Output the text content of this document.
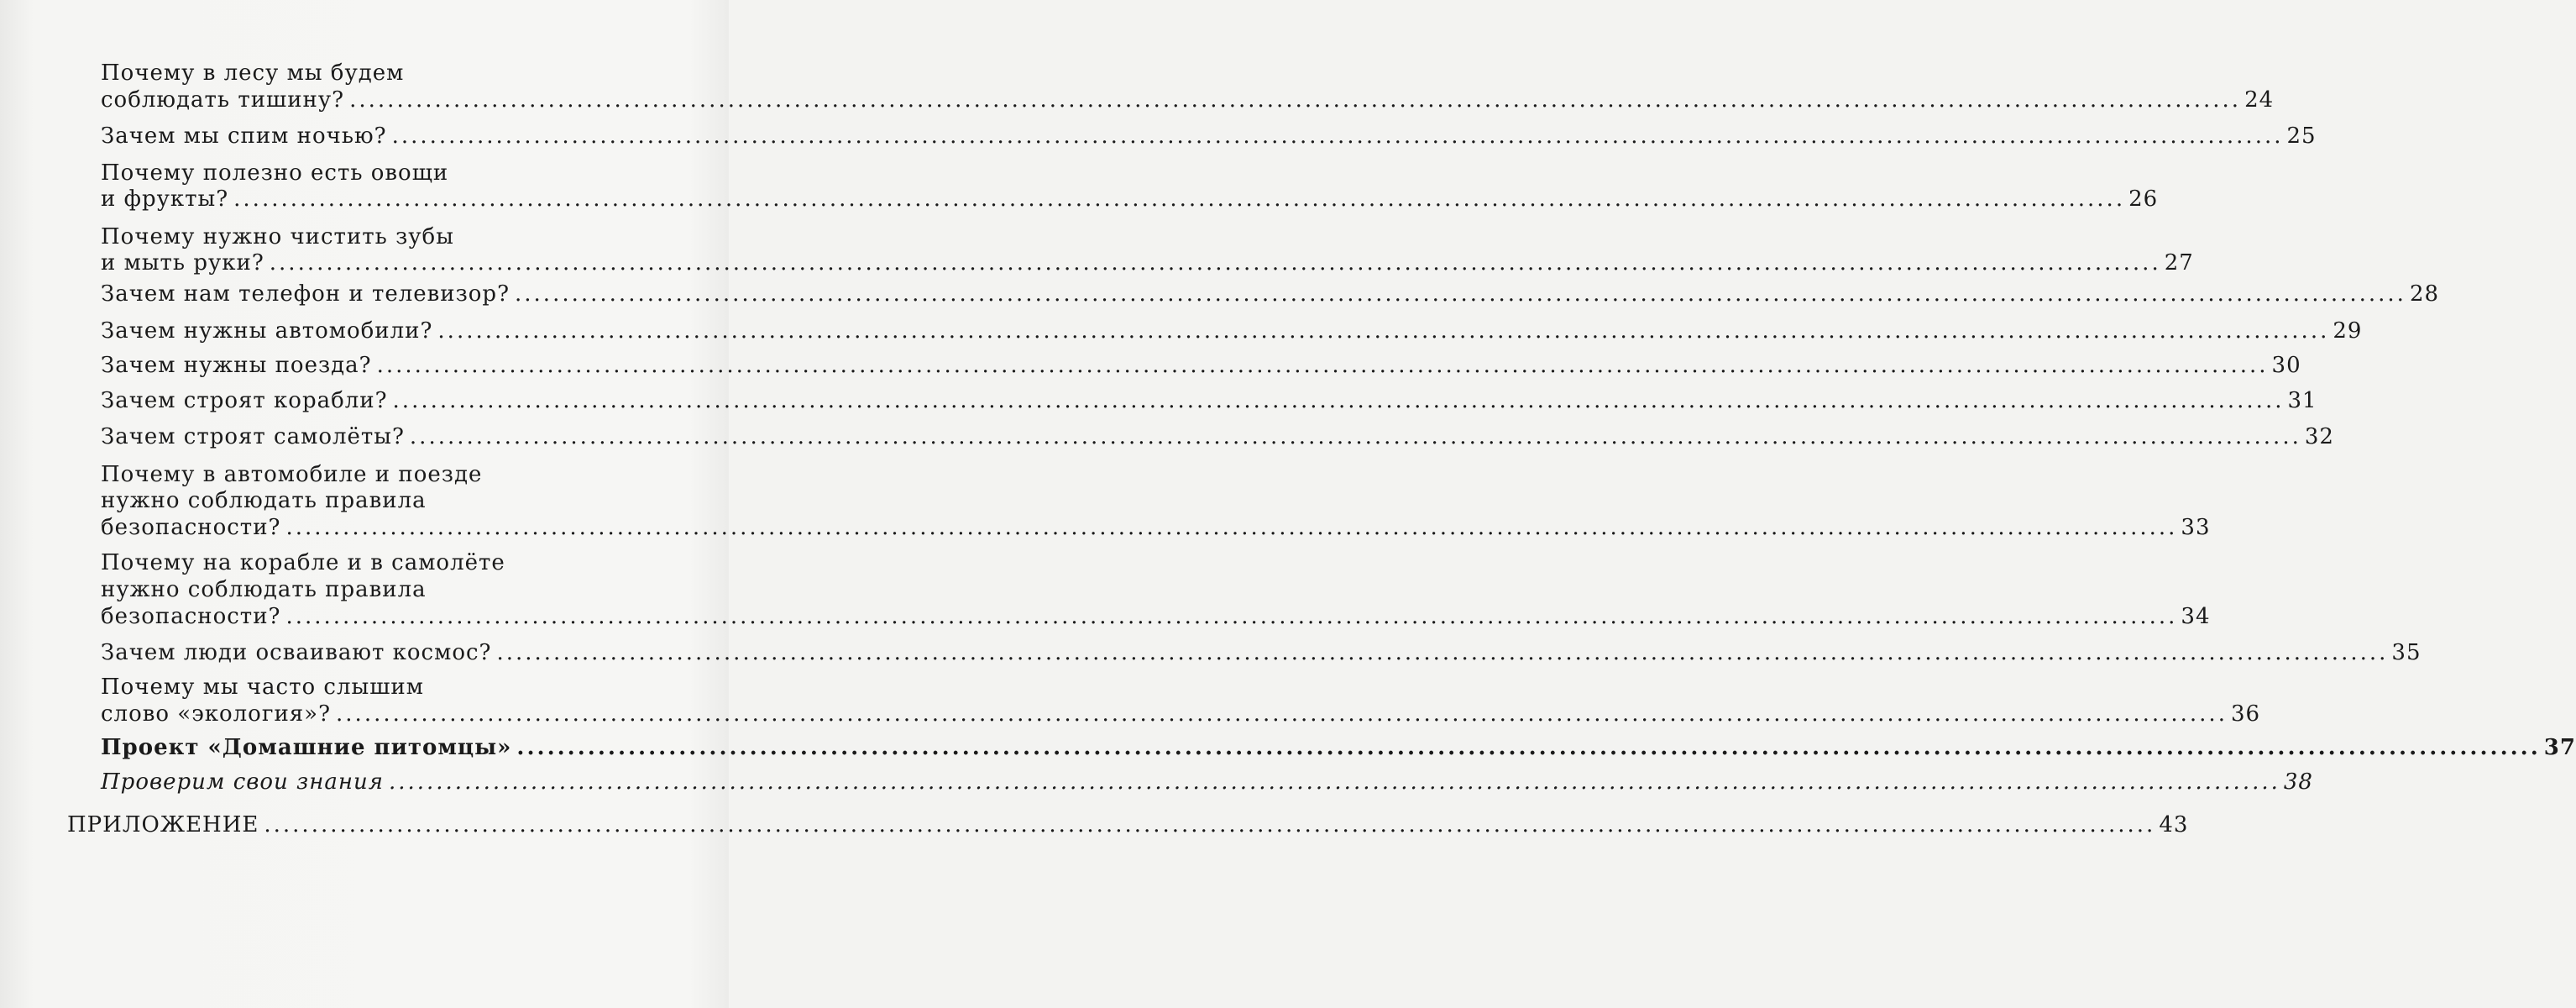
Почему в лесу мы будем
соблюдать тишину? ........................................................................................................................................................................................................ 24
Зачем мы спим ночью? ........................................................................................................................................................................................................ 25
Почему полезно есть овощи
и фрукты? ........................................................................................................................................................................................................ 26
Почему нужно чистить зубы
и мыть руки? ........................................................................................................................................................................................................ 27
Зачем нам телефон и телевизор? ........................................................................................................................................................................................................ 28
Зачем нужны автомобили? ........................................................................................................................................................................................................ 29
Зачем нужны поезда? ........................................................................................................................................................................................................ 30
Зачем строят корабли? ........................................................................................................................................................................................................ 31
Зачем строят самолёты? ........................................................................................................................................................................................................ 32
Почему в автомобиле и поезде
нужно соблюдать правила
безопасности? ........................................................................................................................................................................................................ 33
Почему на корабле и в самолёте
нужно соблюдать правила
безопасности? ........................................................................................................................................................................................................ 34
Зачем люди осваивают космос? ........................................................................................................................................................................................................ 35
Почему мы часто слышим
слово «экология»? ........................................................................................................................................................................................................ 36
Проект «Домашние питомцы» ........................................................................................................................................................................................................ 37
Проверим свои знания ........................................................................................................................................................................................................ 38
ПРИЛОЖЕНИЕ ........................................................................................................................................................................................................ 43
